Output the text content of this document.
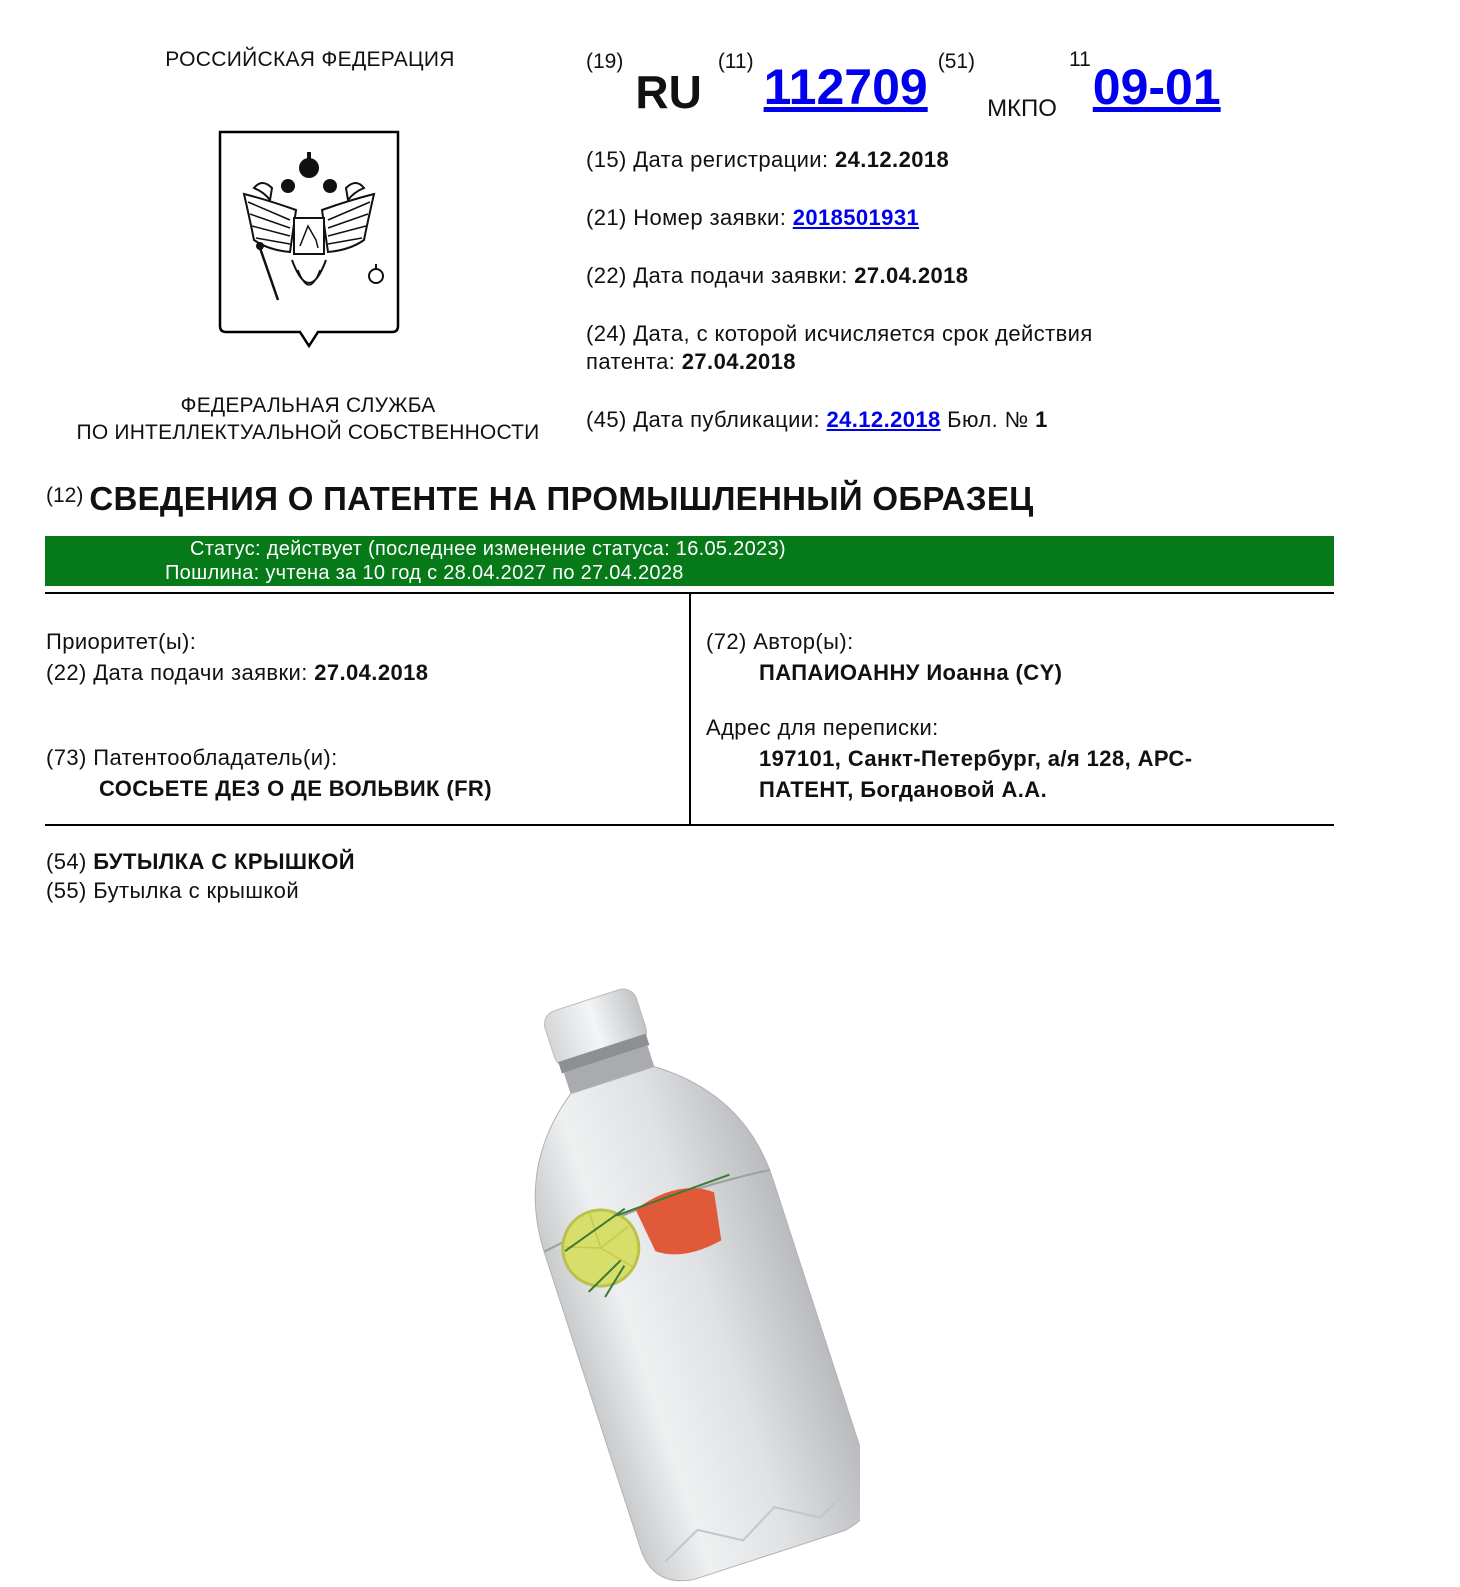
РОССИЙСКАЯ ФЕДЕРАЦИЯ
ФЕДЕРАЛЬНАЯ СЛУЖБА
ПО ИНТЕЛЛЕКТУАЛЬНОЙ СОБСТВЕННОСТИ
(19)RU(11) 112709 (51)МКПО1109-01
(15) Дата регистрации: 24.12.2018
(21) Номер заявки: 2018501931
(22) Дата подачи заявки: 27.04.2018
(24) Дата, с которой исчисляется срок действия
патента: 27.04.2018
(45) Дата публикации: 24.12.2018 Бюл. № 1
(12) СВЕДЕНИЯ О ПАТЕНТЕ НА ПРОМЫШЛЕННЫЙ ОБРАЗЕЦ
Статус: действует (последнее изменение статуса: 16.05.2023)
Пошлина: учтена за 10 год с 28.04.2027 по 27.04.2028
Приоритет(ы):
(22) Дата подачи заявки: 27.04.2018
(73) Патентообладатель(и):
СОСЬЕТЕ ДЕЗ О ДЕ ВОЛЬВИК (FR)
(72) Автор(ы):
ПАПАИОАННУ Иоанна (CY)
Адрес для переписки:
197101, Санкт-Петербург, а/я 128, АРС-
ПАТЕНТ, Богдановой А.А.
(54) БУТЫЛКА С КРЫШКОЙ
(55) Бутылка с крышкой
